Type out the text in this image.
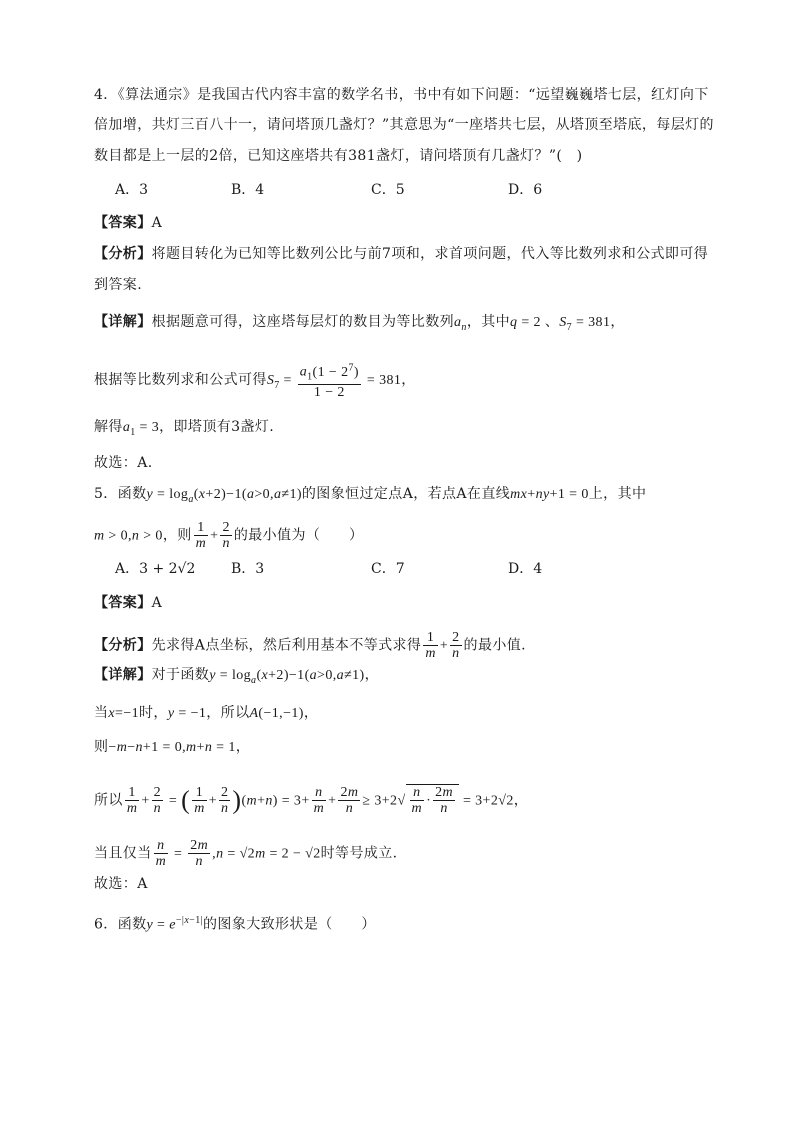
4．《算法通宗》是我国古代内容丰富的数学名书，书中有如下问题：“远望巍巍塔七层，红灯向下
倍加增，共灯三百八十一，请问塔顶几盏灯？”其意思为“一座塔共七层，从塔顶至塔底，每层灯的
数目都是上一层的2倍，已知这座塔共有381盏灯，请问塔顶有几盏灯？”(　)
A．3	B．4	C．5	D．6
【答案】A
【分析】将题目转化为已知等比数列公比与前7项和，求首项问题，代入等比数列求和公式即可得
到答案.
【详解】根据题意可得，这座塔每层灯的数目为等比数列$a_n$，其中q = 2 、$S_7 = 381$，
根据等比数列求和公式可得$S_7 = \frac{a_1(1 - 2^7)}{1 - 2} = 381$，
解得$a_1 = 3$，即塔顶有3盏灯.
故选：A.
5．函数$y = \log_a(x+2)-1(a>0,a\ne 1)$的图象恒过定点A，若点A在直线mx+ny+1 = 0上，其中
m > 0,n > 0，则 $\frac{1}{m} + \frac{2}{n}$ 的最小值为（　　）
A．3 + 2√2	B．3	C．7	D．4
【答案】A
【分析】先求得A点坐标，然后利用基本不等式求得 $\frac{1}{m} + \frac{2}{n}$ 的最小值.
【详解】对于函数$y = \log_a(x+2)-1(a>0,a\ne 1)$，
当x=−1时，y = −1，所以A(−1,−1)，
则−m−n+1 = 0,m+n = 1，
所以 $\frac{1}{m} + \frac{2}{n}$ = ( $\frac{1}{m} + \frac{2}{n} )(m+n) = 3+ \frac{n}{m} + \frac{2m}{n} \ge 3+2√ \frac{n}{m} \cdot \frac{2m}{n} = 3+2√2$，
当且仅当 $\frac{n}{m} = \frac{2m}{n} ,n = √2m = 2 - √2$时等号成立.
故选：A
6．函数$y = e^{-|x-1|}$的图象大致形状是（　　）
